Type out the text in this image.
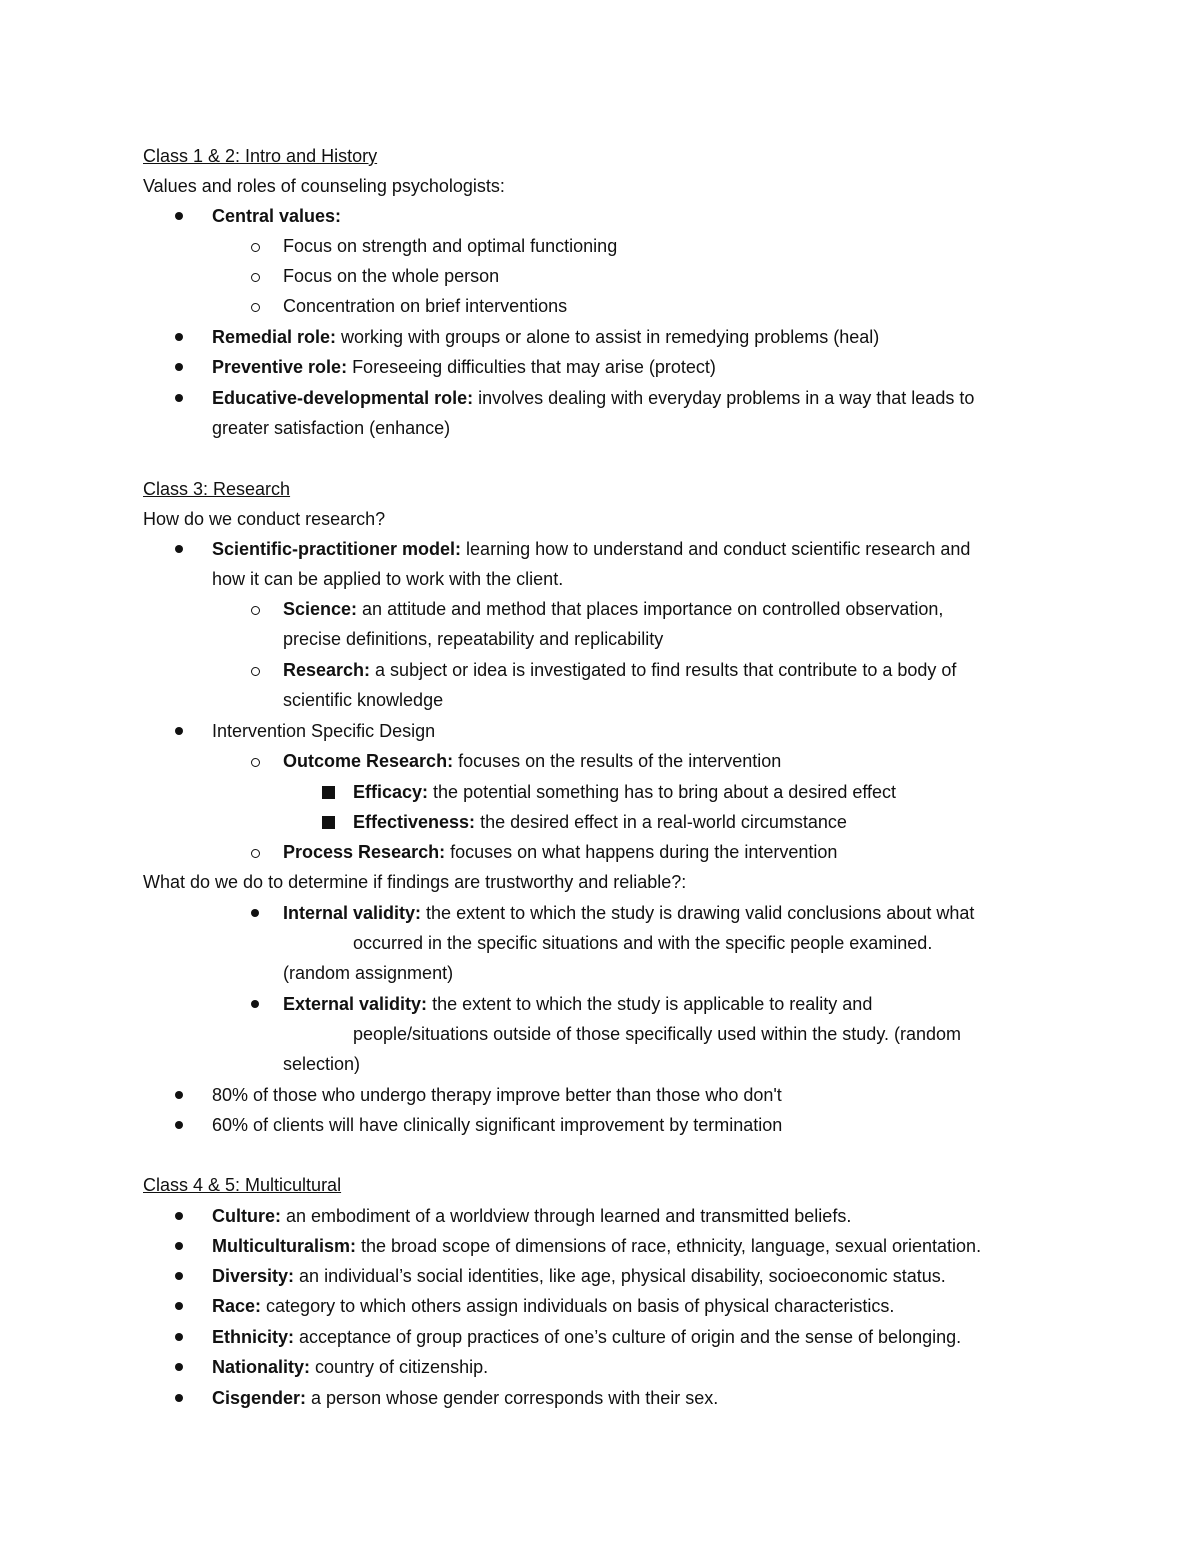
Class 1 & 2: Intro and History
Values and roles of counseling psychologists:
Central values:
Focus on strength and optimal functioning
Focus on the whole person
Concentration on brief interventions
Remedial role: working with groups or alone to assist in remedying problems (heal)
Preventive role: Foreseeing difficulties that may arise (protect)
Educative-developmental role: involves dealing with everyday problems in a way that leads to
greater satisfaction (enhance)
Class 3: Research
How do we conduct research?
Scientific-practitioner model: learning how to understand and conduct scientific research and
how it can be applied to work with the client.
Science: an attitude and method that places importance on controlled observation,
precise definitions, repeatability and replicability
Research: a subject or idea is investigated to find results that contribute to a body of
scientific knowledge
Intervention Specific Design
Outcome Research: focuses on the results of the intervention
Efficacy: the potential something has to bring about a desired effect
Effectiveness: the desired effect in a real-world circumstance
Process Research: focuses on what happens during the intervention
What do we do to determine if findings are trustworthy and reliable?:
Internal validity: the extent to which the study is drawing valid conclusions about what
occurred in the specific situations and with the specific people examined.
(random assignment)
External validity: the extent to which the study is applicable to reality and
people/situations outside of those specifically used within the study. (random
selection)
80% of those who undergo therapy improve better than those who don't
60% of clients will have clinically significant improvement by termination
Class 4 & 5: Multicultural
Culture: an embodiment of a worldview through learned and transmitted beliefs.
Multiculturalism: the broad scope of dimensions of race, ethnicity, language, sexual orientation.
Diversity: an individual’s social identities, like age, physical disability, socioeconomic status.
Race: category to which others assign individuals on basis of physical characteristics.
Ethnicity: acceptance of group practices of one’s culture of origin and the sense of belonging.
Nationality: country of citizenship.
Cisgender: a person whose gender corresponds with their sex.
